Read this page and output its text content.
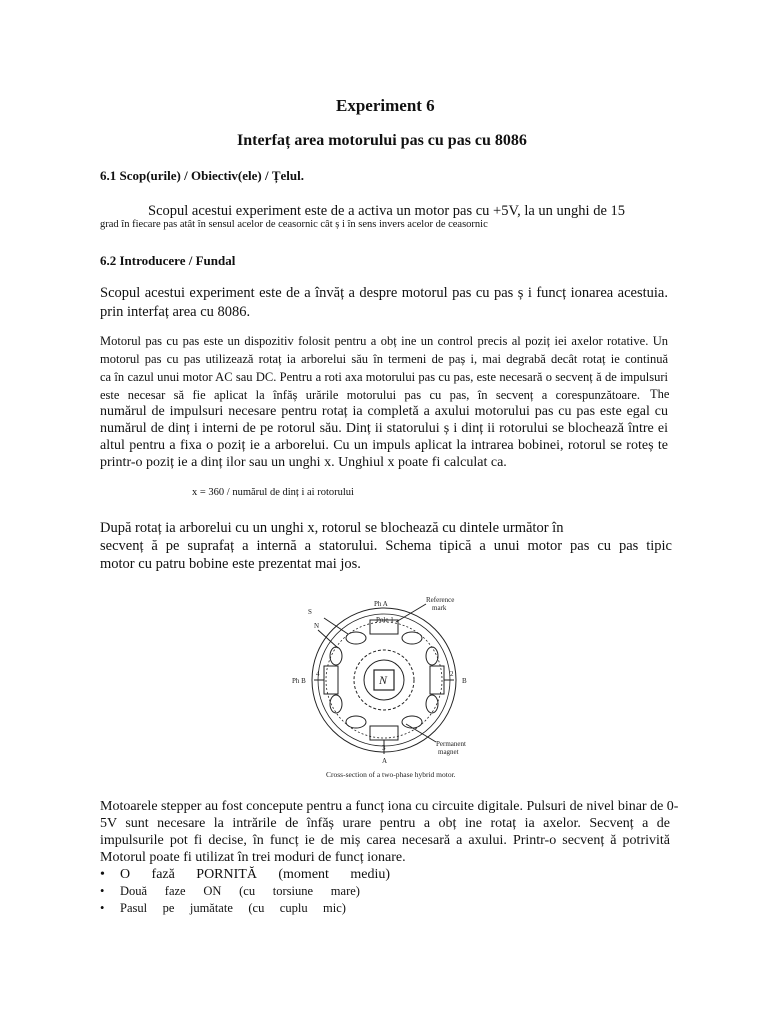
Experiment 6
Interfaț area motorului pas cu pas cu 8086
6.1 Scop(urile) / Obiectiv(ele) / Țelul.
Scopul acestui experiment este de a activa un motor pas cu +5V, la un unghi de 15
grad în fiecare pas atât în sensul acelor de ceasornic cât ș i în sens invers acelor de ceasornic
6.2 Introducere / Fundal
Scopul acestui experiment este de a învăț a despre motorul pas cu pas ș i funcț ionarea acestuia.
prin interfaț area cu 8086.
Motorul pas cu pas este un dispozitiv folosit pentru a obț ine un control precis al poziț iei axelor rotative. Un
motorul pas cu pas utilizează rotaț ia arborelui său în termeni de paș i, mai degrabă decât rotaț ie continuă
ca în cazul unui motor AC sau DC. Pentru a roti axa motorului pas cu pas, este necesară o secvenț ă de impulsuri
este necesar să fie aplicat la înfăș urările motorului pas cu pas, în secvenț a corespunzătoare. The
numărul de impulsuri necesare pentru rotaț ia completă a axului motorului pas cu pas este egal cu
numărul de dinț i interni de pe rotorul său. Dinț ii statorului ș i dinț ii rotorului se blochează între ei
altul pentru a fixa o poziț ie a arborelui. Cu un impuls aplicat la intrarea bobinei, rotorul se roteș te
printr-o poziț ie a dinț ilor sau un unghi x. Unghiul x poate fi calculat ca.
x = 360 / numărul de dinț i ai rotorului
După rotaț ia arborelui cu un unghi x, rotorul se blochează cu dintele următor în
secvenț ă pe suprafaț a internă a statorului. Schema tipică a unui motor pas cu pas tipic
motor cu patru bobine este prezentat mai jos.
Ph A	Reference
mark
Pole 1
S
N
Ph B
4	2
B
3
A
Permanent
magnet
N
Cross-section of a two-phase hybrid motor.
Motoarele stepper au fost concepute pentru a funcț iona cu circuite digitale. Pulsuri de nivel binar de 0-
5V sunt necesare la intrările de înfăș urare pentru a obț ine rotaț ia axelor. Secvenț a de
impulsurile pot fi decise, în funcț ie de miș carea necesară a axului. Printr-o secvenț ă potrivită
Motorul poate fi utilizat în trei moduri de funcț ionare.
•	O fază PORNITĂ (moment mediu)
•	Două faze ON (cu torsiune mare)
•	Pasul pe jumătate (cu cuplu mic)
